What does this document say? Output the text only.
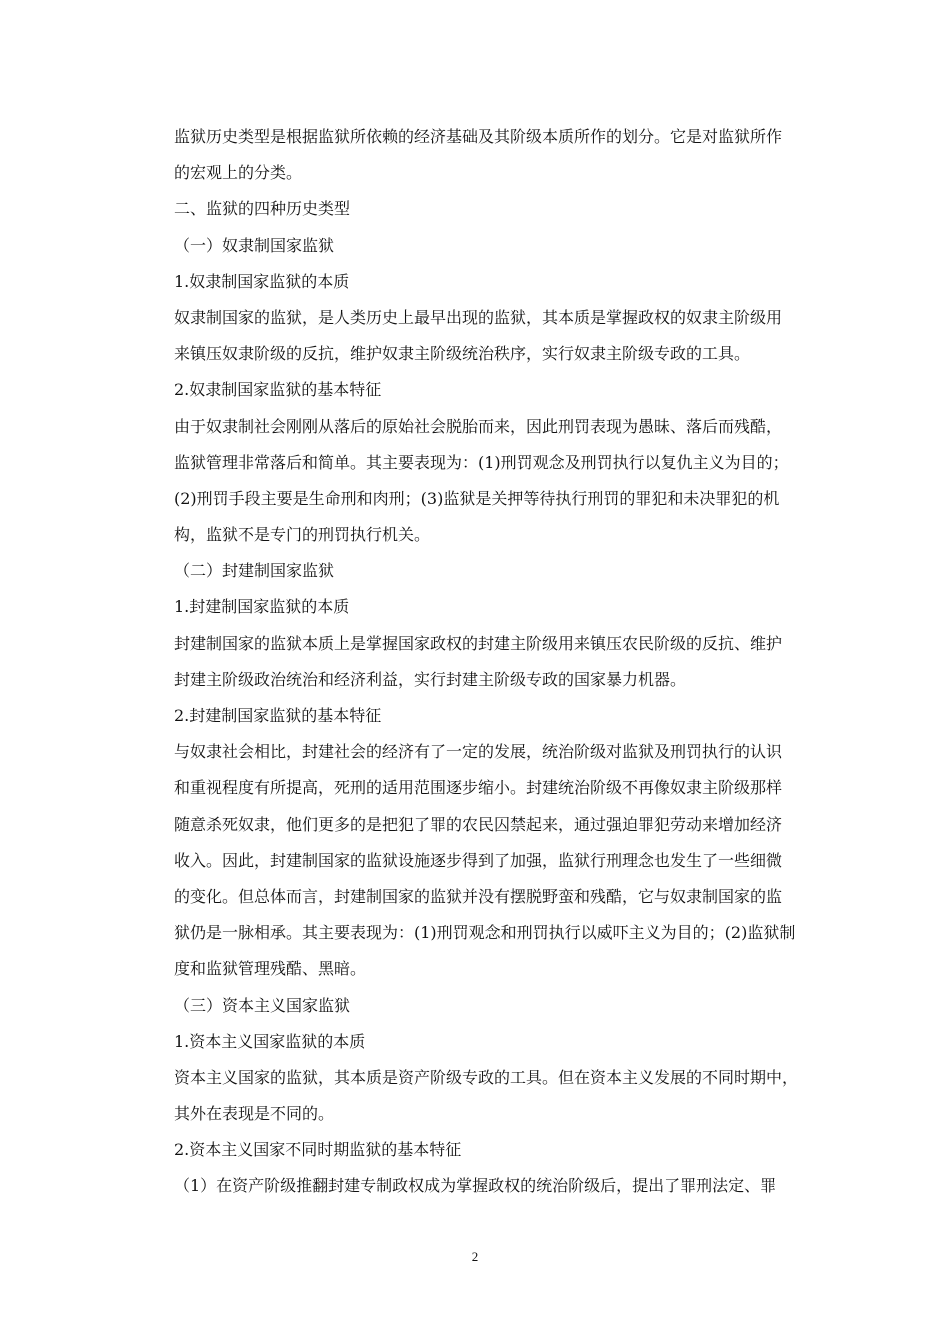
监狱历史类型是根据监狱所依赖的经济基础及其阶级本质所作的划分。它是对监狱所作
的宏观上的分类。
二、监狱的四种历史类型
（一）奴隶制国家监狱
1.奴隶制国家监狱的本质
奴隶制国家的监狱，是人类历史上最早出现的监狱，其本质是掌握政权的奴隶主阶级用
来镇压奴隶阶级的反抗，维护奴隶主阶级统治秩序，实行奴隶主阶级专政的工具。
2.奴隶制国家监狱的基本特征
由于奴隶制社会刚刚从落后的原始社会脱胎而来，因此刑罚表现为愚昧、落后而残酷，
监狱管理非常落后和简单。其主要表现为：(1)刑罚观念及刑罚执行以复仇主义为目的；
(2)刑罚手段主要是生命刑和肉刑；(3)监狱是关押等待执行刑罚的罪犯和未决罪犯的机
构，监狱不是专门的刑罚执行机关。
（二）封建制国家监狱
1.封建制国家监狱的本质
封建制国家的监狱本质上是掌握国家政权的封建主阶级用来镇压农民阶级的反抗、维护
封建主阶级政治统治和经济利益，实行封建主阶级专政的国家暴力机器。
2.封建制国家监狱的基本特征
与奴隶社会相比，封建社会的经济有了一定的发展，统治阶级对监狱及刑罚执行的认识
和重视程度有所提高，死刑的适用范围逐步缩小。封建统治阶级不再像奴隶主阶级那样
随意杀死奴隶，他们更多的是把犯了罪的农民囚禁起来，通过强迫罪犯劳动来增加经济
收入。因此，封建制国家的监狱设施逐步得到了加强，监狱行刑理念也发生了一些细微
的变化。但总体而言，封建制国家的监狱并没有摆脱野蛮和残酷，它与奴隶制国家的监
狱仍是一脉相承。其主要表现为：(1)刑罚观念和刑罚执行以威吓主义为目的；(2)监狱制
度和监狱管理残酷、黑暗。
（三）资本主义国家监狱
1.资本主义国家监狱的本质
资本主义国家的监狱，其本质是资产阶级专政的工具。但在资本主义发展的不同时期中，
其外在表现是不同的。
2.资本主义国家不同时期监狱的基本特征
（1）在资产阶级推翻封建专制政权成为掌握政权的统治阶级后，提出了罪刑法定、罪
2
